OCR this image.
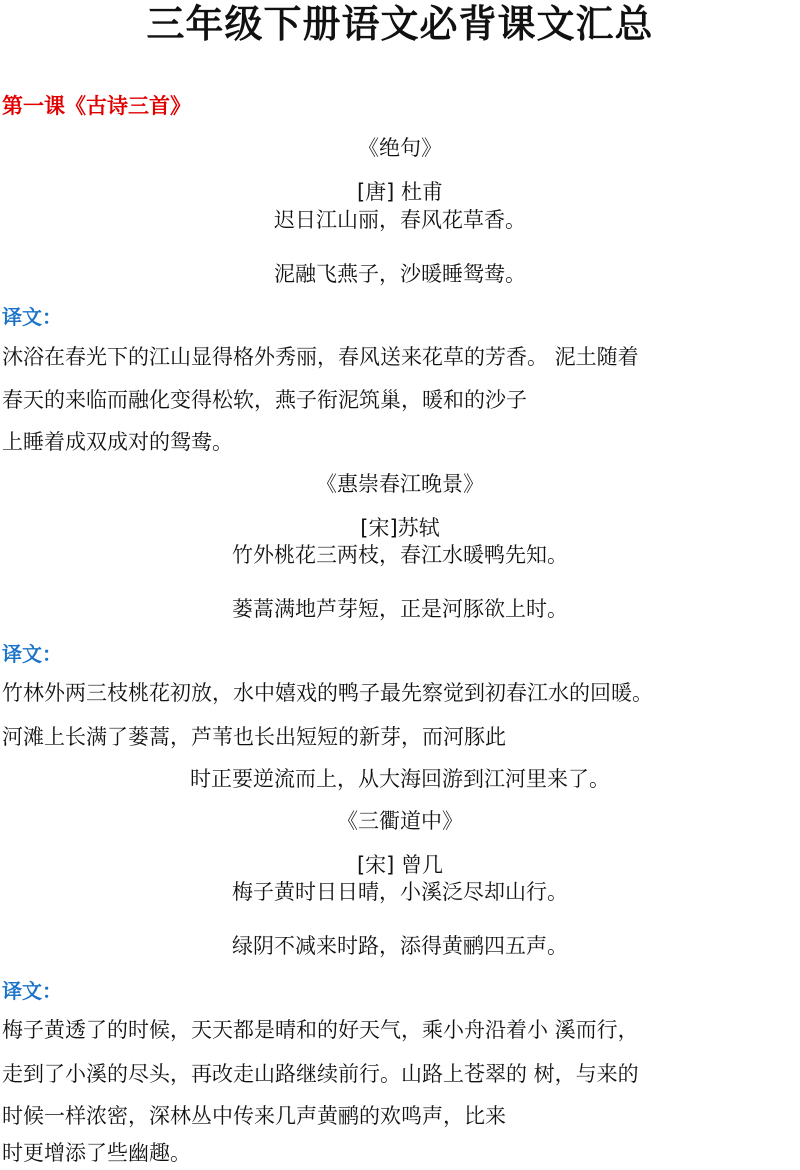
三年级下册语文必背课文汇总
第一课《古诗三首》
《绝句》
[唐] 杜甫
迟日江山丽，春风花草香。
泥融飞燕子，沙暖睡鸳鸯。
译文：
沐浴在春光下的江山显得格外秀丽，春风送来花草的芳香。 泥土随着
春天的来临而融化变得松软，燕子衔泥筑巢，暖和的沙子
上睡着成双成对的鸳鸯。
《惠崇春江晚景》
[宋]苏轼
竹外桃花三两枝，春江水暖鸭先知。
蒌蒿满地芦芽短，正是河豚欲上时。
译文：
竹林外两三枝桃花初放，水中嬉戏的鸭子最先察觉到初春江水的回暖。
河滩上长满了蒌蒿，芦苇也长出短短的新芽，而河豚此
时正要逆流而上，从大海回游到江河里来了。
《三衢道中》
[宋] 曾几
梅子黄时日日晴，小溪泛尽却山行。
绿阴不减来时路，添得黄鹂四五声。
译文：
梅子黄透了的时候，天天都是晴和的好天气，乘小舟沿着小 溪而行，
走到了小溪的尽头，再改走山路继续前行。山路上苍翠的 树，与来的
时候一样浓密，深林丛中传来几声黄鹂的欢鸣声，比来
时更增添了些幽趣。
